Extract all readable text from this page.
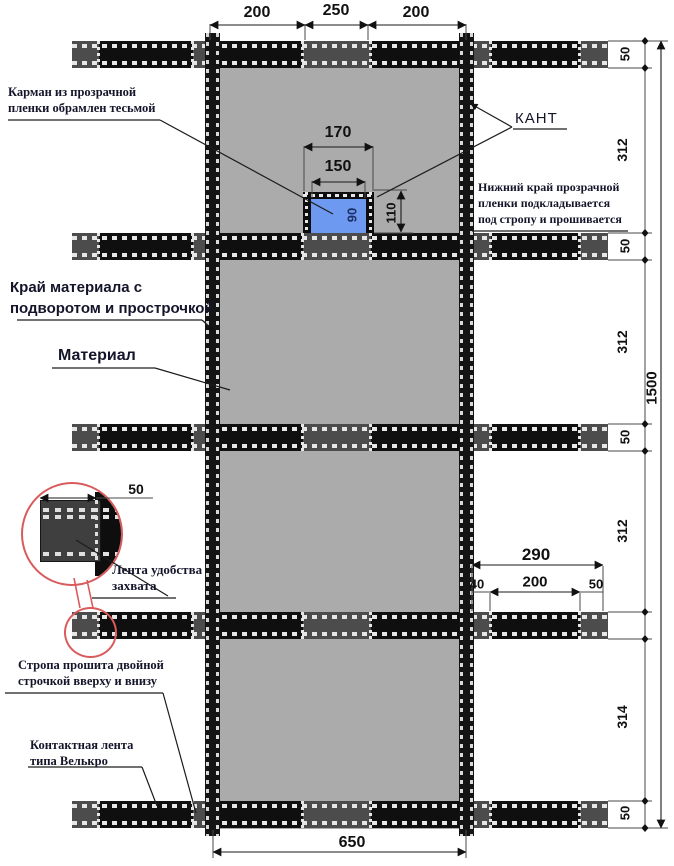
Карман из прозрачной
пленки обрамлен тесьмой
КАНТ
Нижний край прозрачной
пленки подкладывается
под стропу и прошивается
Край материала с
подворотом и прострочкой
Материал
Лента удобства
захвата
Стропа прошита двойной
строчкой вверху и внизу
Контактная лента
типа Велькро
200	250	200
170
150
90 110
50
312
50
312
50
312
314
50
1500
650
290
200
40	50
50
